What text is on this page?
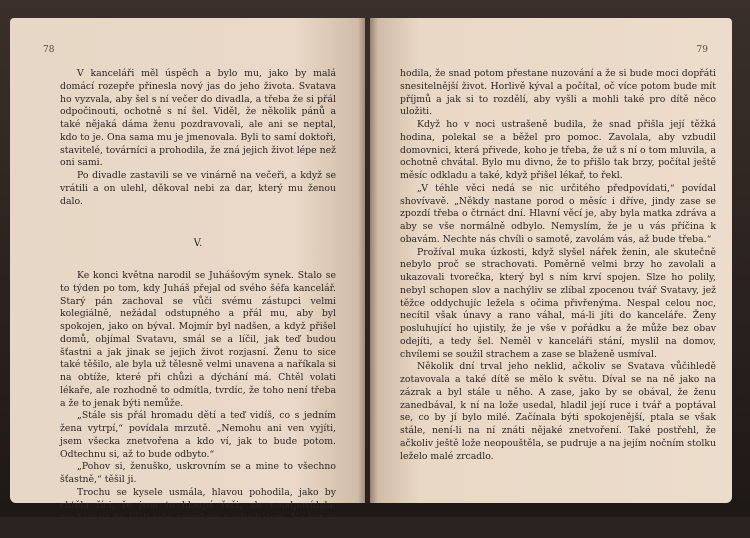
78

V kanceláři měl úspěch a bylo mu, jako by malá domácí rozepře přinesla nový jas do jeho života. Svatava ho vyzvala, aby šel s ní večer do divadla, a třeba že si přál odpočinouti, ochotně s ní šel. Viděl, že několik pánů a také nějaká dáma ženu pozdravovali, ale ani se neptal, kdo to je. Ona sama mu je jmenovala. Byli to samí doktoři, stavitelé, továrníci a prohodila, že zná jejich život lépe než oni sami.

Po divadle zastavili se ve vinárně na večeři, a když se vrátili a on ulehl, děkoval nebi za dar, který mu ženou dalo.

V.

Ke konci května narodil se Juhášovým synek. Stalo se to týden po tom, kdy Juháš přejal od svého šéfa kancelář. Starý pán zachoval se vůči svému zástupci velmi kolegiálně, nežádal odstupného a přál mu, aby byl spokojen, jako on býval. Mojmír byl nadšen, a když přišel domů, objímal Svatavu, smál se a líčil, jak teď budou šťastni a jak jinak se jejich život rozjasní. Ženu to sice také těšilo, ale byla už tělesně velmi unavena a naříkala si na obtíže, které při chůzi a dýchání má. Chtěl volati lékaře, ale rozhodně to odmítla, tvrdíc, že toho není třeba a že to jenak býti nemůže.

„Stále sis přál hromadu dětí a teď vidíš, co s jedním žena vytrpí,“ povídala mrzutě. „Nemohu ani ven vyjíti, jsem všecka znetvořena a kdo ví, jak to bude potom. Odtechnu si, až to bude odbyto.“

„Pohov si, ženuško, uskrovním se a mine to všechno šťastně,“ těšil ji.

Trochu se kysele usmála, hlavou pohodila, jako by chtěla říci, že jsou to hloupé řeči, ale neodpovídala, nechávajíc ho líčiti jeho rozmluvu s advokátem. Na konec pro-

79

hodila, že snad potom přestane nuzování a že si bude moci dopřáti snesitelnější život. Horlivě kýval a počítal, oč více potom bude mít příjmů a jak si to rozdělí, aby vyšli a mohli také pro dítě něco uložiti.

Když ho v noci ustrašeně budila, že snad přišla její těžká hodina, polekal se a běžel pro pomoc. Zavolala, aby vzbudil domovnici, která přivede, koho je třeba, že už s ní o tom mluvila, a ochotně chvátal. Bylo mu divno, že to přišlo tak brzy, počítal ještě měsíc odkladu a také, když přišel lékař, to řekl.

„V téhle věci nedá se nic určitého předpovídati,“ povídal shovívavě. „Někdy nastane porod o měsíc i dříve, jindy zase se zpozdí třeba o čtrnáct dní. Hlavní věcí je, aby byla matka zdráva a aby se vše normálně odbylo. Nemyslím, že je u vás příčina k obavám. Nechte nás chvíli o samotě, zavolám vás, až bude třeba.“

Prožíval muka úzkosti, když slyšel nářek ženin, ale skutečně nebylo proč se strachovati. Poměrně velmi brzy ho zavolali a ukazovali tvorečka, který byl s ním krví spojen. Slze ho polily, nebyl schopen slov a nachýliv se zlíbal zpocenou tvář Svatavy, jež těžce oddychujíc ležela s očima přivřenýma. Nespal celou noc, necítil však únavy a rano váhal, má-li jíti do kanceláře. Ženy posluhující ho ujistily, že je vše v pořádku a že může bez obav odejíti, a tedy šel. Neměl v kanceláři stání, myslil na domov, chvílemi se soužil strachem a zase se blaženě usmíval.

Několik dní trval jeho neklid, ačkoliv se Svatava vůčihledě zotavovala a také dítě se mělo k světu. Díval se na ně jako na zázrak a byl stále u něho. A zase, jako by se obával, že ženu zanedbával, k ní na lože usedal, hladil její ruce i tvář a poptával se, co by jí bylo milé. Začínala býti spokojenější, ptala se však stále, není-li na ní znáti nějaké znetvoření. Také postřehl, že ačkoliv ještě lože neopouštěla, se pudruje a na jejím nočním stolku leželo malé zrcadlo.
